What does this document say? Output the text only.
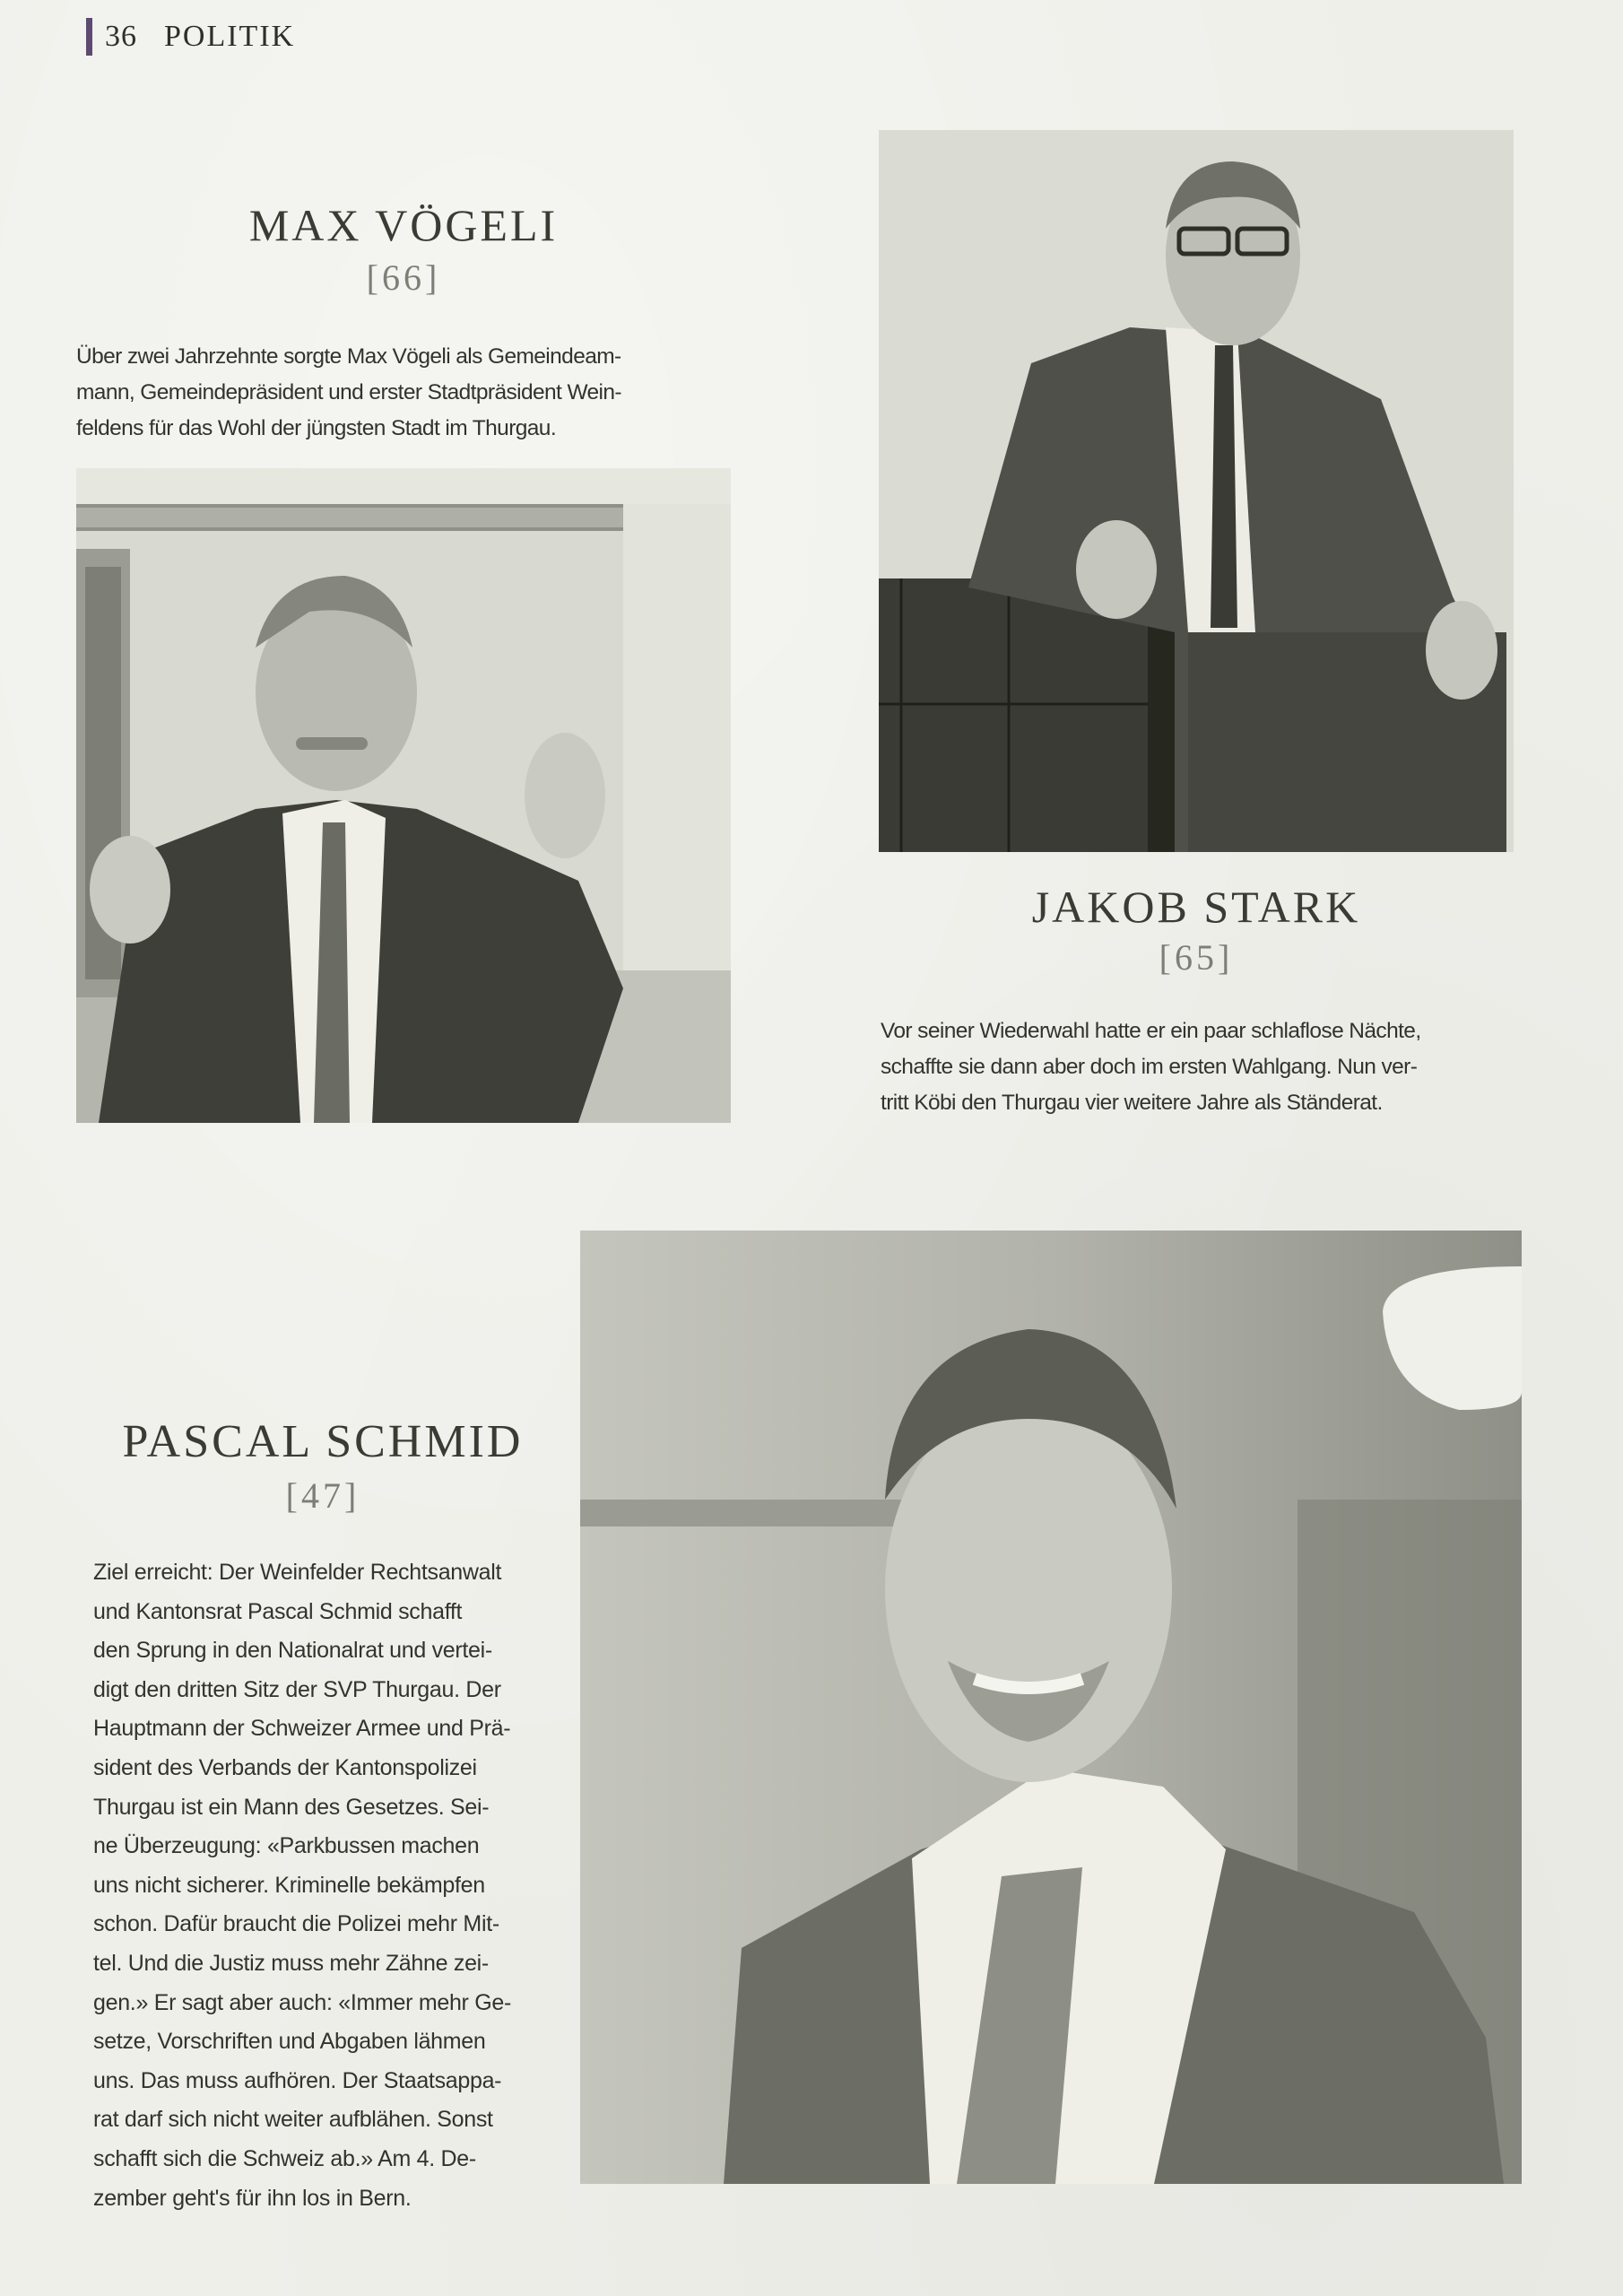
36 POLITIK
MAX VÖGELI
[66]
Über zwei Jahrzehnte sorgte Max Vögeli als Gemeindeam-
mann, Gemeindepräsident und erster Stadtpräsident Wein-
feldens für das Wohl der jüngsten Stadt im Thurgau.
JAKOB STARK
[65]
Vor seiner Wiederwahl hatte er ein paar schlaflose Nächte,
schaffte sie dann aber doch im ersten Wahlgang. Nun ver-
tritt Köbi den Thurgau vier weitere Jahre als Ständerat.
PASCAL SCHMID
[47]
Ziel erreicht: Der Weinfelder Rechtsanwalt
und Kantonsrat Pascal Schmid schafft
den Sprung in den Nationalrat und vertei-
digt den dritten Sitz der SVP Thurgau. Der
Hauptmann der Schweizer Armee und Prä-
sident des Verbands der Kantonspolizei
Thurgau ist ein Mann des Gesetzes. Sei-
ne Überzeugung: «Parkbussen machen
uns nicht sicherer. Kriminelle bekämpfen
schon. Dafür braucht die Polizei mehr Mit-
tel. Und die Justiz muss mehr Zähne zei-
gen.» Er sagt aber auch: «Immer mehr Ge-
setze, Vorschriften und Abgaben lähmen
uns. Das muss aufhören. Der Staatsappa-
rat darf sich nicht weiter aufblähen. Sonst
schafft sich die Schweiz ab.» Am 4. De-
zember geht's für ihn los in Bern.
